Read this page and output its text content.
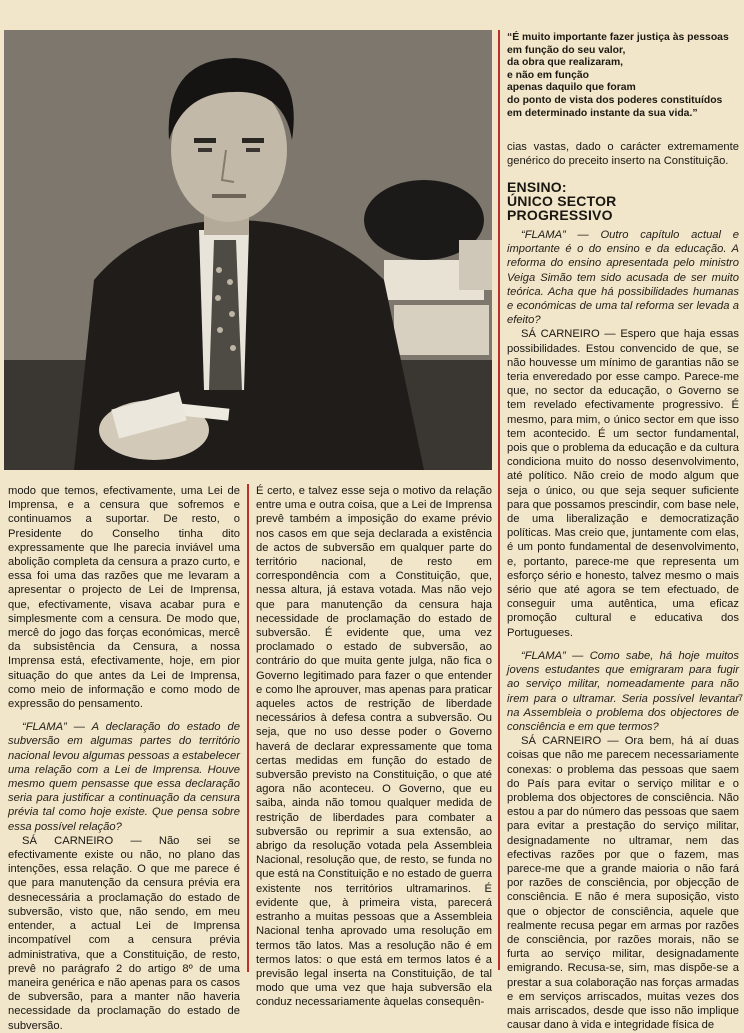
“É muito importante fazer justiça às pessoas
em função do seu valor,
da obra que realizaram,
e não em função
apenas daquilo que foram
do ponto de vista dos poderes constituídos
em determinado instante da sua vida.”

modo que temos, efectivamente, uma Lei de Imprensa, e a censura que sofremos e continuamos a suportar. De resto, o Presidente do Conselho tinha dito expressamente que lhe parecia inviável uma abolição completa da censura a prazo curto, e essa foi uma das razões que me levaram a apresentar o projecto de Lei de Imprensa, que, efectivamente, visava acabar pura e simplesmente com a censura. De modo que, mercê do jogo das forças económicas, mercê da subsistência da Censura, a nossa Imprensa está, efectivamente, hoje, em pior situação do que antes da Lei de Imprensa, como meio de informação e como modo de expressão do pensamento.

“FLAMA” — A declaração do estado de subversão em algumas partes do território nacional levou algumas pessoas a estabelecer uma relação com a Lei de Imprensa. Houve mesmo quem pensasse que essa declaração seria para justificar a continuação da censura prévia tal como hoje existe. Que pensa sobre essa possível relação?

SÁ CARNEIRO — Não sei se efectivamente existe ou não, no plano das intenções, essa relação. O que me parece é que para manutenção da censura prévia era desnecessária a proclamação do estado de subversão, visto que, não sendo, em meu entender, a actual Lei de Imprensa incompatível com a censura prévia administrativa, que a Constituição, de resto, prevê no parágrafo 2 do artigo 8º de uma maneira genérica e não apenas para os casos de subversão, para a manter não haveria necessidade da proclamação do estado de subversão.

É certo, e talvez esse seja o motivo da relação entre uma e outra coisa, que a Lei de Imprensa prevê também a imposição do exame prévio nos casos em que seja declarada a existência de actos de subversão em qualquer parte do território nacional, de resto em correspondência com a Constituição, que, nessa altura, já estava votada. Mas não vejo que para manutenção da censura haja necessidade de proclamação do estado de subversão. É evidente que, uma vez proclamado o estado de subversão, ao contrário do que muita gente julga, não fica o Governo legitimado para fazer o que entender e como lhe aprouver, mas apenas para praticar aqueles actos de restrição de liberdade necessários à defesa contra a subversão. Ou seja, que no uso desse poder o Governo haverá de declarar expressamente que toma certas medidas em função do estado de subversão previsto na Constituição, o que até agora não aconteceu. O Governo, que eu saiba, ainda não tomou qualquer medida de restrição de liberdades para combater a subversão ou reprimir a sua extensão, ao abrigo da resolução votada pela Assembleia Nacional, resolução que, de resto, se funda no que está na Constituição e no estado de guerra existente nos territórios ultramarinos. É evidente que, à primeira vista, parecerá estranho a muitas pessoas que a Assembleia Nacional tenha aprovado uma resolução em termos tão latos. Mas a resolução não é em termos latos: o que está em termos latos é a previsão legal inserta na Constituição, de tal modo que uma vez que haja subversão ela conduz necessariamente àquelas consequên-

cias vastas, dado o carácter extremamente genérico do preceito inserto na Constituição.

ENSINO:
ÚNICO SECTOR
PROGRESSIVO

“FLAMA” — Outro capítulo actual e importante é o do ensino e da educação. A reforma do ensino apresentada pelo ministro Veiga Simão tem sido acusada de ser muito teórica. Acha que há possibilidades humanas e económicas de uma tal reforma ser levada a efeito?

SÁ CARNEIRO — Espero que haja essas possibilidades. Estou convencido de que, se não houvesse um mínimo de garantias não se teria enveredado por esse campo. Parece-me que, no sector da educação, o Governo se tem revelado efectivamente progressivo. É mesmo, para mim, o único sector em que isso tem acontecido. É um sector fundamental, pois que o problema da educação e da cultura condiciona muito do nosso desenvolvimento, até político. Não creio de modo algum que seja o único, ou que seja sequer suficiente para que possamos prescindir, com base nele, de uma liberalização e democratização políticas. Mas creio que, juntamente com elas, é um ponto fundamental de desenvolvimento, e, portanto, parece-me que representa um esforço sério e honesto, talvez mesmo o mais sério que até agora se tem efectuado, de conseguir uma autêntica, uma eficaz promoção cultural e educativa dos Portugueses.

“FLAMA” — Como sabe, há hoje muitos jovens estudantes que emigraram para fugir ao serviço militar, nomeadamente para não irem para o ultramar. Seria possível levantar na Assembleia o problema dos objectores de consciência e em que termos?

SÁ CARNEIRO — Ora bem, há aí duas coisas que não me parecem necessariamente conexas: o problema das pessoas que saem do País para evitar o serviço militar e o problema dos objectores de consciência. Não estou a par do número das pessoas que saem para evitar a prestação do serviço militar, designadamente no ultramar, nem das efectivas razões por que o fazem, mas parece-me que a grande maioria o não fará por razões de consciência, por objecção de consciência. E não é mera suposição, visto que o objector de consciência, aquele que realmente recusa pegar em armas por razões de consciência, por razões morais, não se furta ao serviço militar, designadamente emigrando. Recusa-se, sim, mas dispõe-se a prestar a sua colaboração nas forças armadas e em serviços arriscados, muitas vezes dos mais arriscados, desde que isso não implique causar dano à vida e integridade física de

7
